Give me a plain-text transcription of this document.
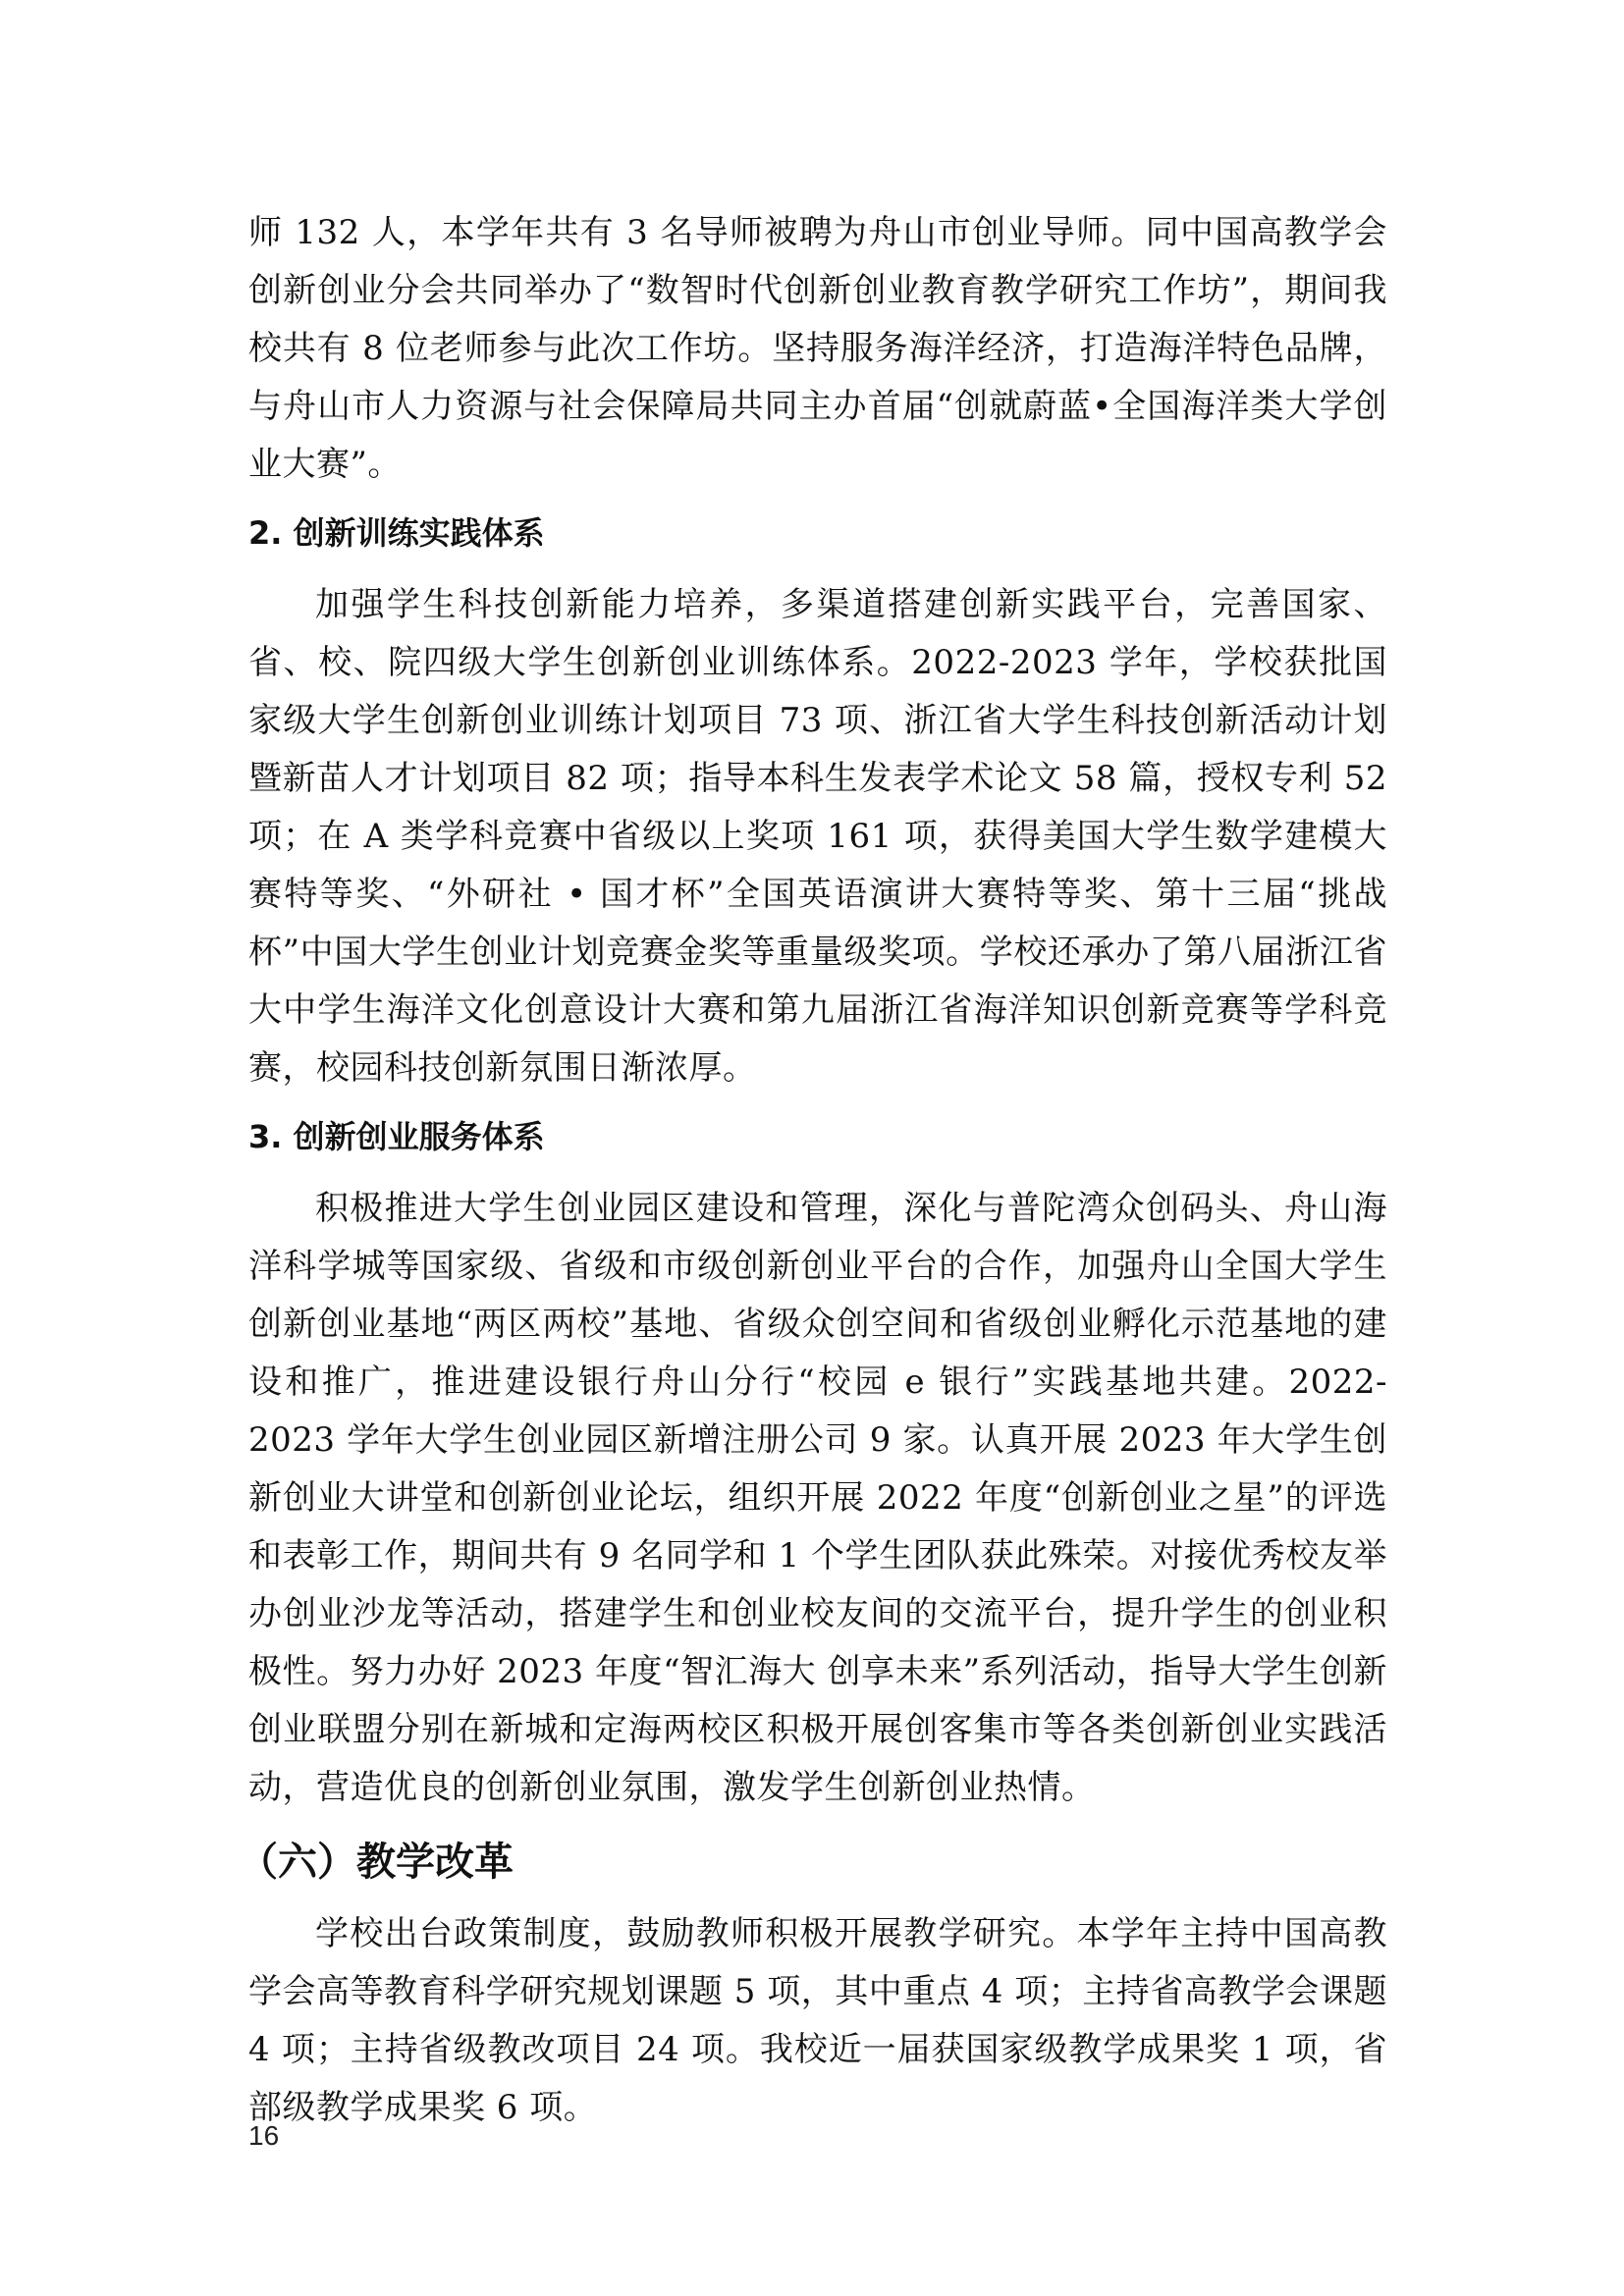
师 132 人，本学年共有 3 名导师被聘为舟山市创业导师。同中国高教学会创新创业分会共同举办了“数智时代创新创业教育教学研究工作坊”，期间我校共有 8 位老师参与此次工作坊。坚持服务海洋经济，打造海洋特色品牌，与舟山市人力资源与社会保障局共同主办首届“创就蔚蓝•全国海洋类大学创业大赛”。

2. 创新训练实践体系

加强学生科技创新能力培养，多渠道搭建创新实践平台，完善国家、省、校、院四级大学生创新创业训练体系。2022-2023 学年，学校获批国家级大学生创新创业训练计划项目 73 项、浙江省大学生科技创新活动计划暨新苗人才计划项目 82 项；指导本科生发表学术论文 58 篇，授权专利 52 项；在 A 类学科竞赛中省级以上奖项 161 项，获得美国大学生数学建模大赛特等奖、“外研社 • 国才杯”全国英语演讲大赛特等奖、第十三届“挑战杯”中国大学生创业计划竞赛金奖等重量级奖项。学校还承办了第八届浙江省大中学生海洋文化创意设计大赛和第九届浙江省海洋知识创新竞赛等学科竞赛，校园科技创新氛围日渐浓厚。

3. 创新创业服务体系

积极推进大学生创业园区建设和管理，深化与普陀湾众创码头、舟山海洋科学城等国家级、省级和市级创新创业平台的合作，加强舟山全国大学生创新创业基地“两区两校”基地、省级众创空间和省级创业孵化示范基地的建设和推广，推进建设银行舟山分行“校园 e 银行”实践基地共建。2022-2023 学年大学生创业园区新增注册公司 9 家。认真开展 2023 年大学生创新创业大讲堂和创新创业论坛，组织开展 2022 年度“创新创业之星”的评选和表彰工作，期间共有 9 名同学和 1 个学生团队获此殊荣。对接优秀校友举办创业沙龙等活动，搭建学生和创业校友间的交流平台，提升学生的创业积极性。努力办好 2023 年度“智汇海大 创享未来”系列活动，指导大学生创新创业联盟分别在新城和定海两校区积极开展创客集市等各类创新创业实践活动，营造优良的创新创业氛围，激发学生创新创业热情。

（六）教学改革

学校出台政策制度，鼓励教师积极开展教学研究。本学年主持中国高教学会高等教育科学研究规划课题 5 项，其中重点 4 项；主持省高教学会课题 4 项；主持省级教改项目 24 项。我校近一届获国家级教学成果奖 1 项，省部级教学成果奖 6 项。

16
